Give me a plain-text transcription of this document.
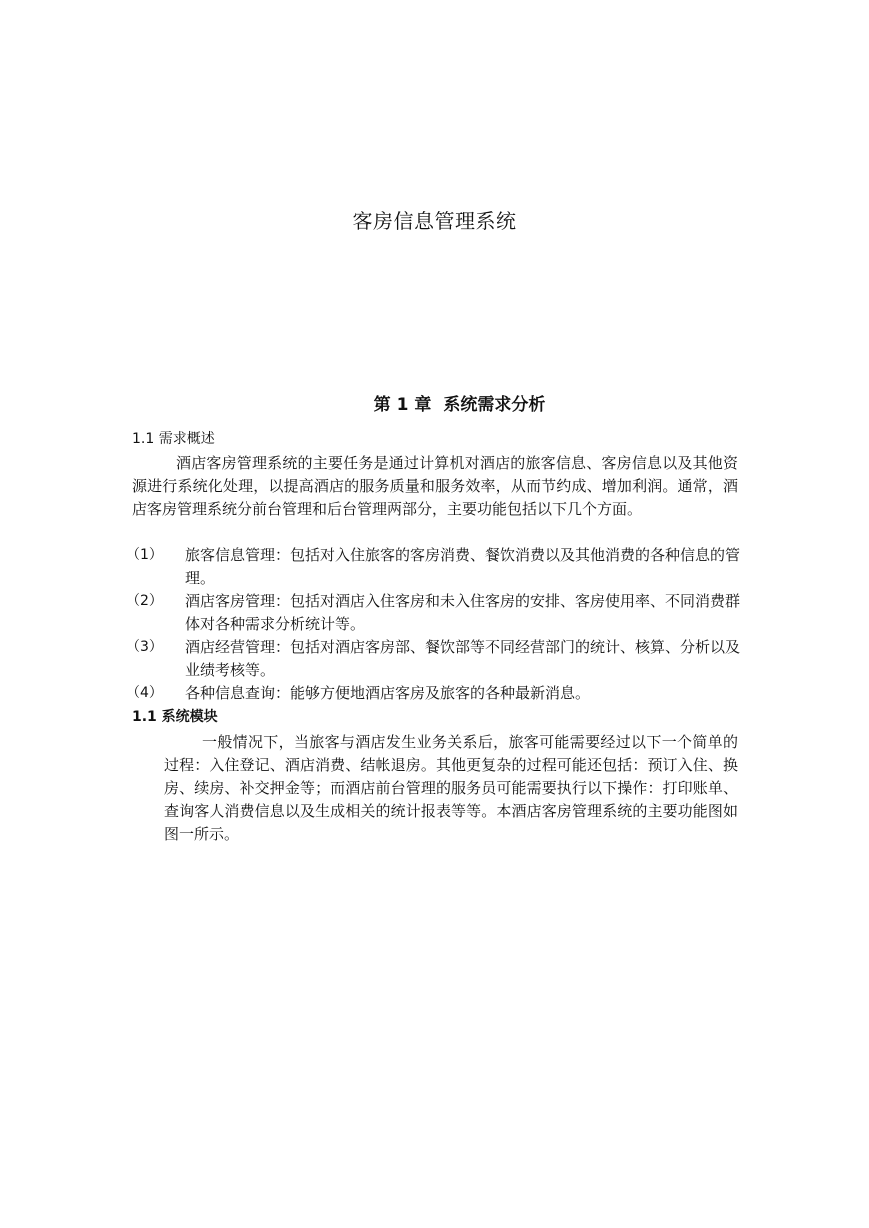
客房信息管理系统
第 1 章 系统需求分析
1.1 需求概述

酒店客房管理系统的主要任务是通过计算机对酒店的旅客信息、客房信息以及其他资源进行系统化处理，以提高酒店的服务质量和服务效率，从而节约成、增加利润。通常，酒店客房管理系统分前台管理和后台管理两部分，主要功能包括以下几个方面。

（1）	旅客信息管理：包括对入住旅客的客房消费、餐饮消费以及其他消费的各种信息的管理。
（2）	酒店客房管理：包括对酒店入住客房和未入住客房的安排、客房使用率、不同消费群体对各种需求分析统计等。
（3）	酒店经营管理：包括对酒店客房部、餐饮部等不同经营部门的统计、核算、分析以及业绩考核等。
（4）	各种信息查询：能够方便地酒店客房及旅客的各种最新消息。
1.1 系统模块

一般情况下，当旅客与酒店发生业务关系后，旅客可能需要经过以下一个简单的过程：入住登记、酒店消费、结帐退房。其他更复杂的过程可能还包括：预订入住、换房、续房、补交押金等；而酒店前台管理的服务员可能需要执行以下操作：打印账单、查询客人消费信息以及生成相关的统计报表等等。本酒店客房管理系统的主要功能图如图一所示。
